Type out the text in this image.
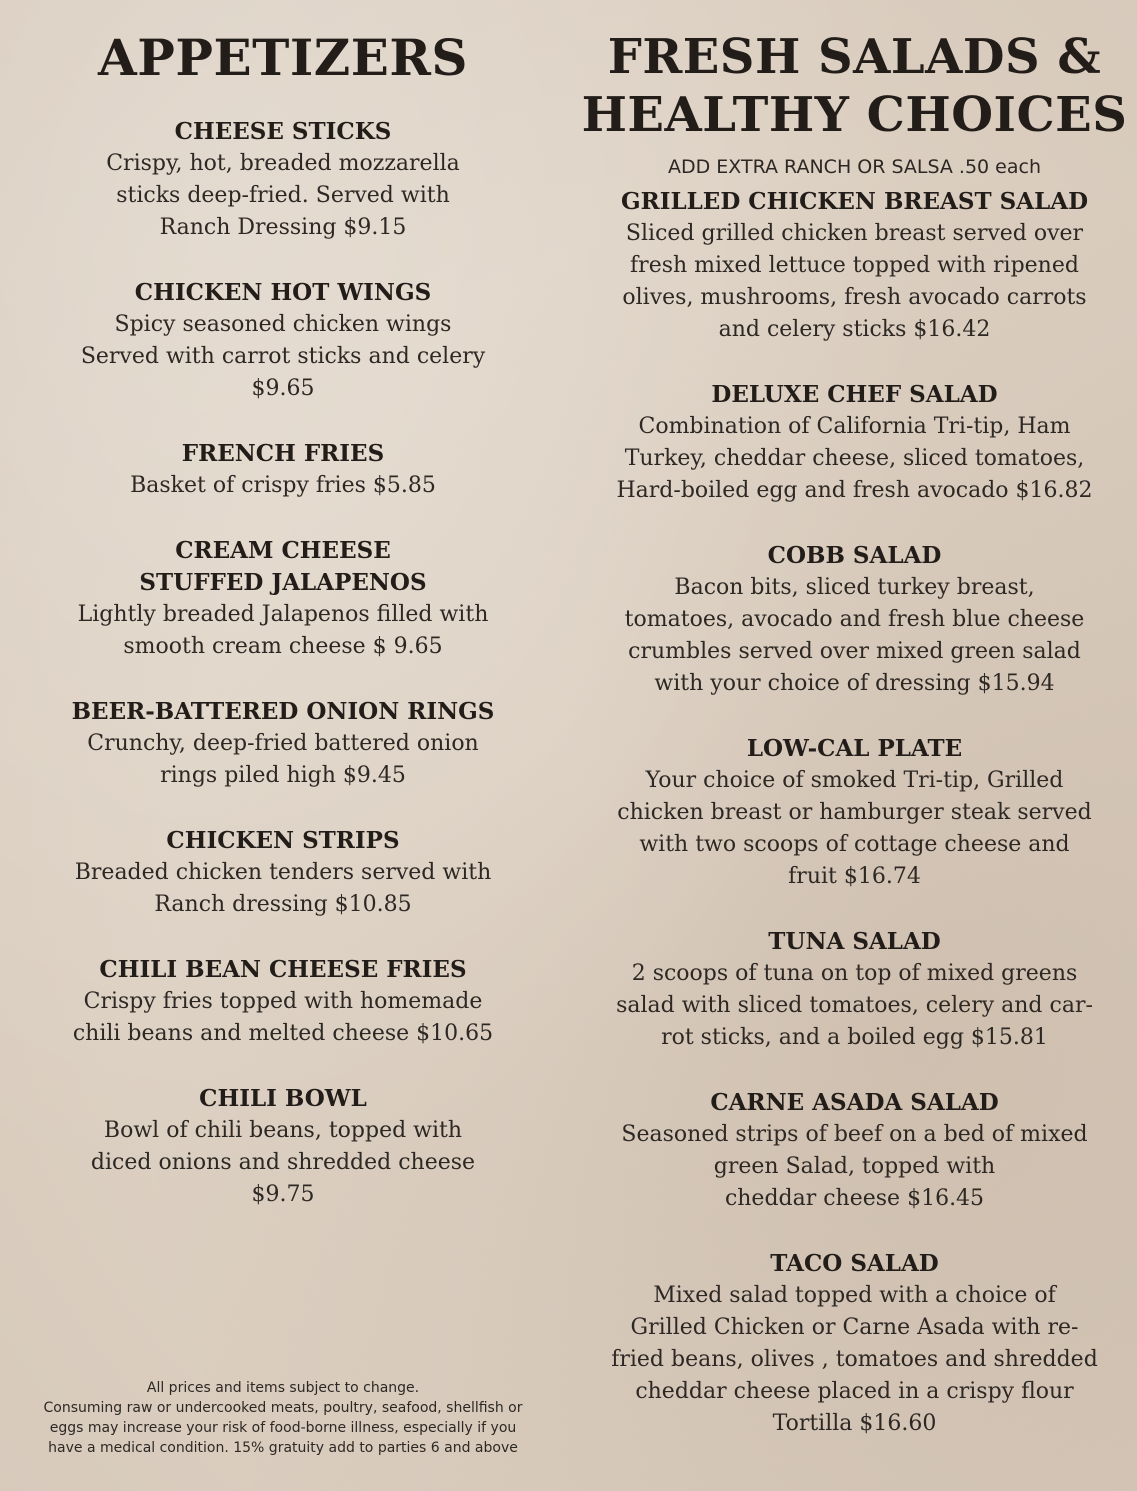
APPETIZERS
CHEESE STICKS
Crispy, hot, breaded mozzarella
sticks deep-fried. Served with
Ranch Dressing $9.15
CHICKEN HOT WINGS
Spicy seasoned chicken wings
Served with carrot sticks and celery
$9.65
FRENCH FRIES
Basket of crispy fries $5.85
CREAM CHEESE
STUFFED JALAPENOS
Lightly breaded Jalapenos filled with
smooth cream cheese $ 9.65
BEER-BATTERED ONION RINGS
Crunchy, deep-fried battered onion
rings piled high $9.45
CHICKEN STRIPS
Breaded chicken tenders served with
Ranch dressing $10.85
CHILI BEAN CHEESE FRIES
Crispy fries topped with homemade
chili beans and melted cheese $10.65
CHILI BOWL
Bowl of chili beans, topped with
diced onions and shredded cheese
$9.75
All prices and items subject to change.
Consuming raw or undercooked meats, poultry, seafood, shellfish or
eggs may increase your risk of food-borne illness, especially if you
have a medical condition. 15% gratuity add to parties 6 and above
FRESH SALADS &
HEALTHY CHOICES
ADD EXTRA RANCH OR SALSA .50 each
GRILLED CHICKEN BREAST SALAD
Sliced grilled chicken breast served over
fresh mixed lettuce topped with ripened
olives, mushrooms, fresh avocado carrots
and celery sticks $16.42
DELUXE CHEF SALAD
Combination of California Tri-tip, Ham
Turkey, cheddar cheese, sliced tomatoes,
Hard-boiled egg and fresh avocado $16.82
COBB SALAD
Bacon bits, sliced turkey breast,
tomatoes, avocado and fresh blue cheese
crumbles served over mixed green salad
with your choice of dressing $15.94
LOW-CAL PLATE
Your choice of smoked Tri-tip, Grilled
chicken breast or hamburger steak served
with two scoops of cottage cheese and
fruit $16.74
TUNA SALAD
2 scoops of tuna on top of mixed greens
salad with sliced tomatoes, celery and car-
rot sticks, and a boiled egg $15.81
CARNE ASADA SALAD
Seasoned strips of beef on a bed of mixed
green Salad, topped with
cheddar cheese $16.45
TACO SALAD
Mixed salad topped with a choice of
Grilled Chicken or Carne Asada with re-
fried beans, olives , tomatoes and shredded
cheddar cheese placed in a crispy flour
Tortilla $16.60
